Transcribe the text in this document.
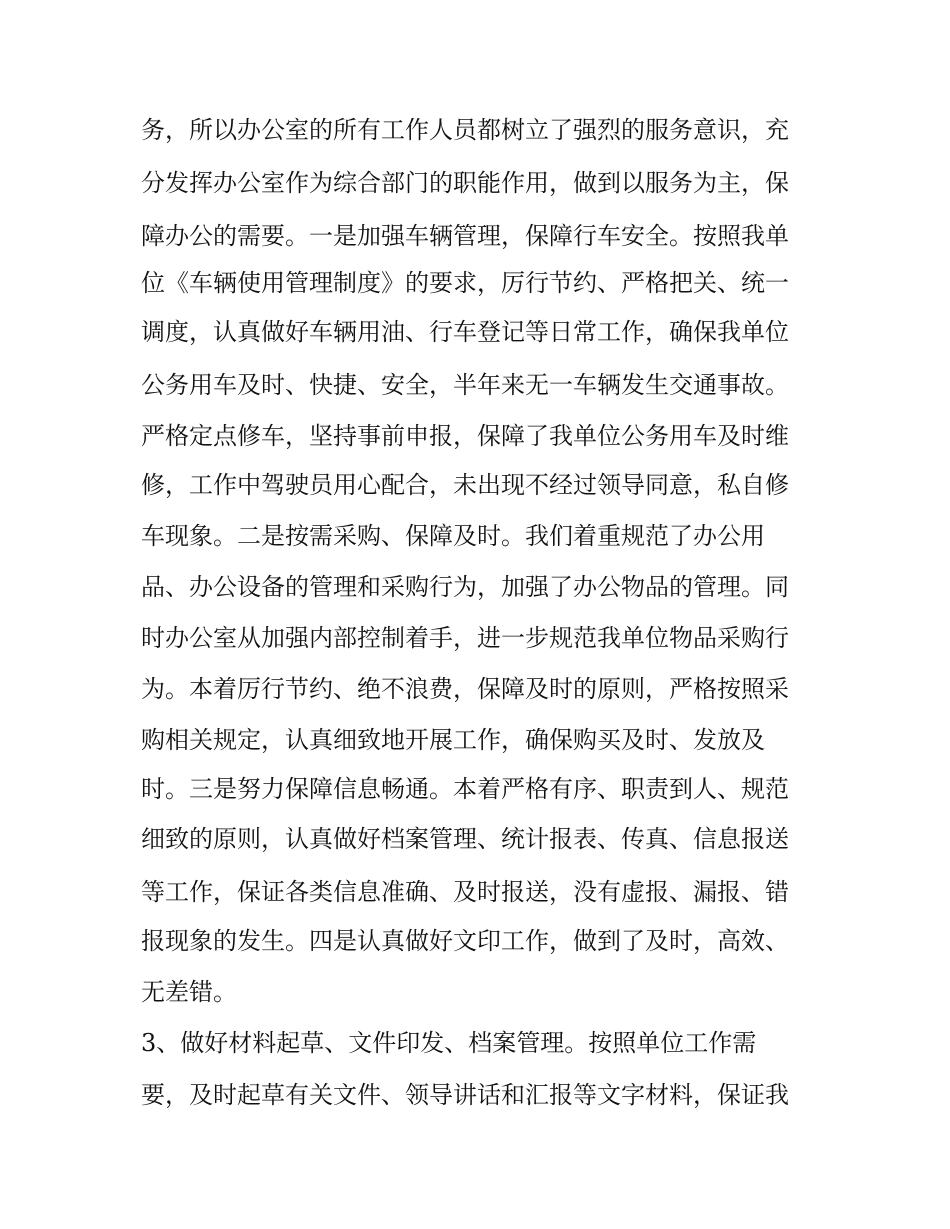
务，所以办公室的所有工作人员都树立了强烈的服务意识，充
分发挥办公室作为综合部门的职能作用，做到以服务为主，保
障办公的需要。一是加强车辆管理，保障行车安全。按照我单
位《车辆使用管理制度》的要求，厉行节约、严格把关、统一
调度，认真做好车辆用油、行车登记等日常工作，确保我单位
公务用车及时、快捷、安全，半年来无一车辆发生交通事故。
严格定点修车，坚持事前申报，保障了我单位公务用车及时维
修，工作中驾驶员用心配合，未出现不经过领导同意，私自修
车现象。二是按需采购、保障及时。我们着重规范了办公用
品、办公设备的管理和采购行为，加强了办公物品的管理。同
时办公室从加强内部控制着手，进一步规范我单位物品采购行
为。本着厉行节约、绝不浪费，保障及时的原则，严格按照采
购相关规定，认真细致地开展工作，确保购买及时、发放及
时。三是努力保障信息畅通。本着严格有序、职责到人、规范
细致的原则，认真做好档案管理、统计报表、传真、信息报送
等工作，保证各类信息准确、及时报送，没有虚报、漏报、错
报现象的发生。四是认真做好文印工作，做到了及时，高效、
无差错。
3、做好材料起草、文件印发、档案管理。按照单位工作需
要，及时起草有关文件、领导讲话和汇报等文字材料，保证我
